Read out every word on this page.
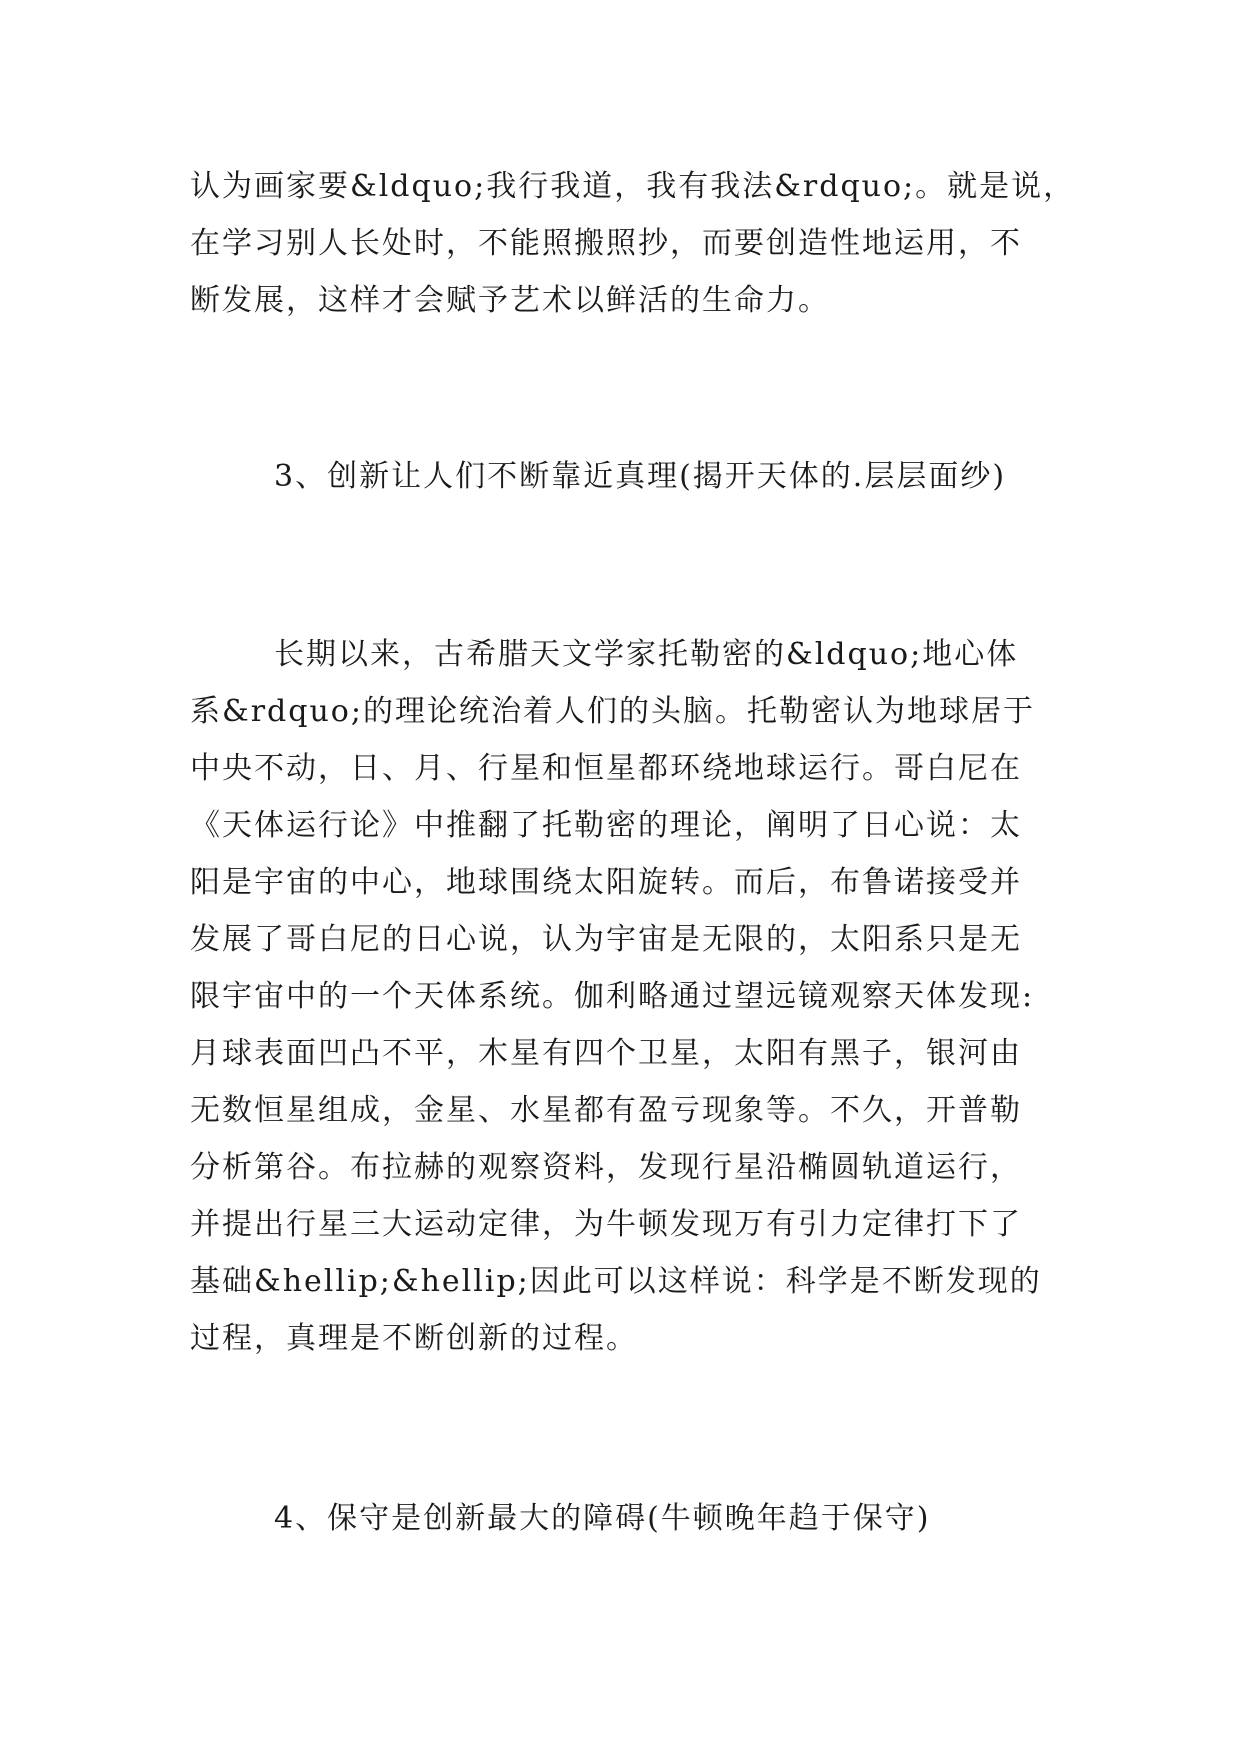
认为画家要&ldquo;我行我道，我有我法&rdquo;。就是说，
在学习别人长处时，不能照搬照抄，而要创造性地运用，不
断发展，这样才会赋予艺术以鲜活的生命力。

3、创新让人们不断靠近真理(揭开天体的.层层面纱)

长期以来，古希腊天文学家托勒密的&ldquo;地心体
系&rdquo;的理论统治着人们的头脑。托勒密认为地球居于
中央不动，日、月、行星和恒星都环绕地球运行。哥白尼在
《天体运行论》中推翻了托勒密的理论，阐明了日心说：太
阳是宇宙的中心，地球围绕太阳旋转。而后，布鲁诺接受并
发展了哥白尼的日心说，认为宇宙是无限的，太阳系只是无
限宇宙中的一个天体系统。伽利略通过望远镜观察天体发现:
月球表面凹凸不平，木星有四个卫星，太阳有黑子，银河由
无数恒星组成，金星、水星都有盈亏现象等。不久，开普勒
分析第谷。布拉赫的观察资料，发现行星沿椭圆轨道运行，
并提出行星三大运动定律，为牛顿发现万有引力定律打下了
基础&hellip;&hellip;因此可以这样说：科学是不断发现的
过程，真理是不断创新的过程。

4、保守是创新最大的障碍(牛顿晚年趋于保守)
